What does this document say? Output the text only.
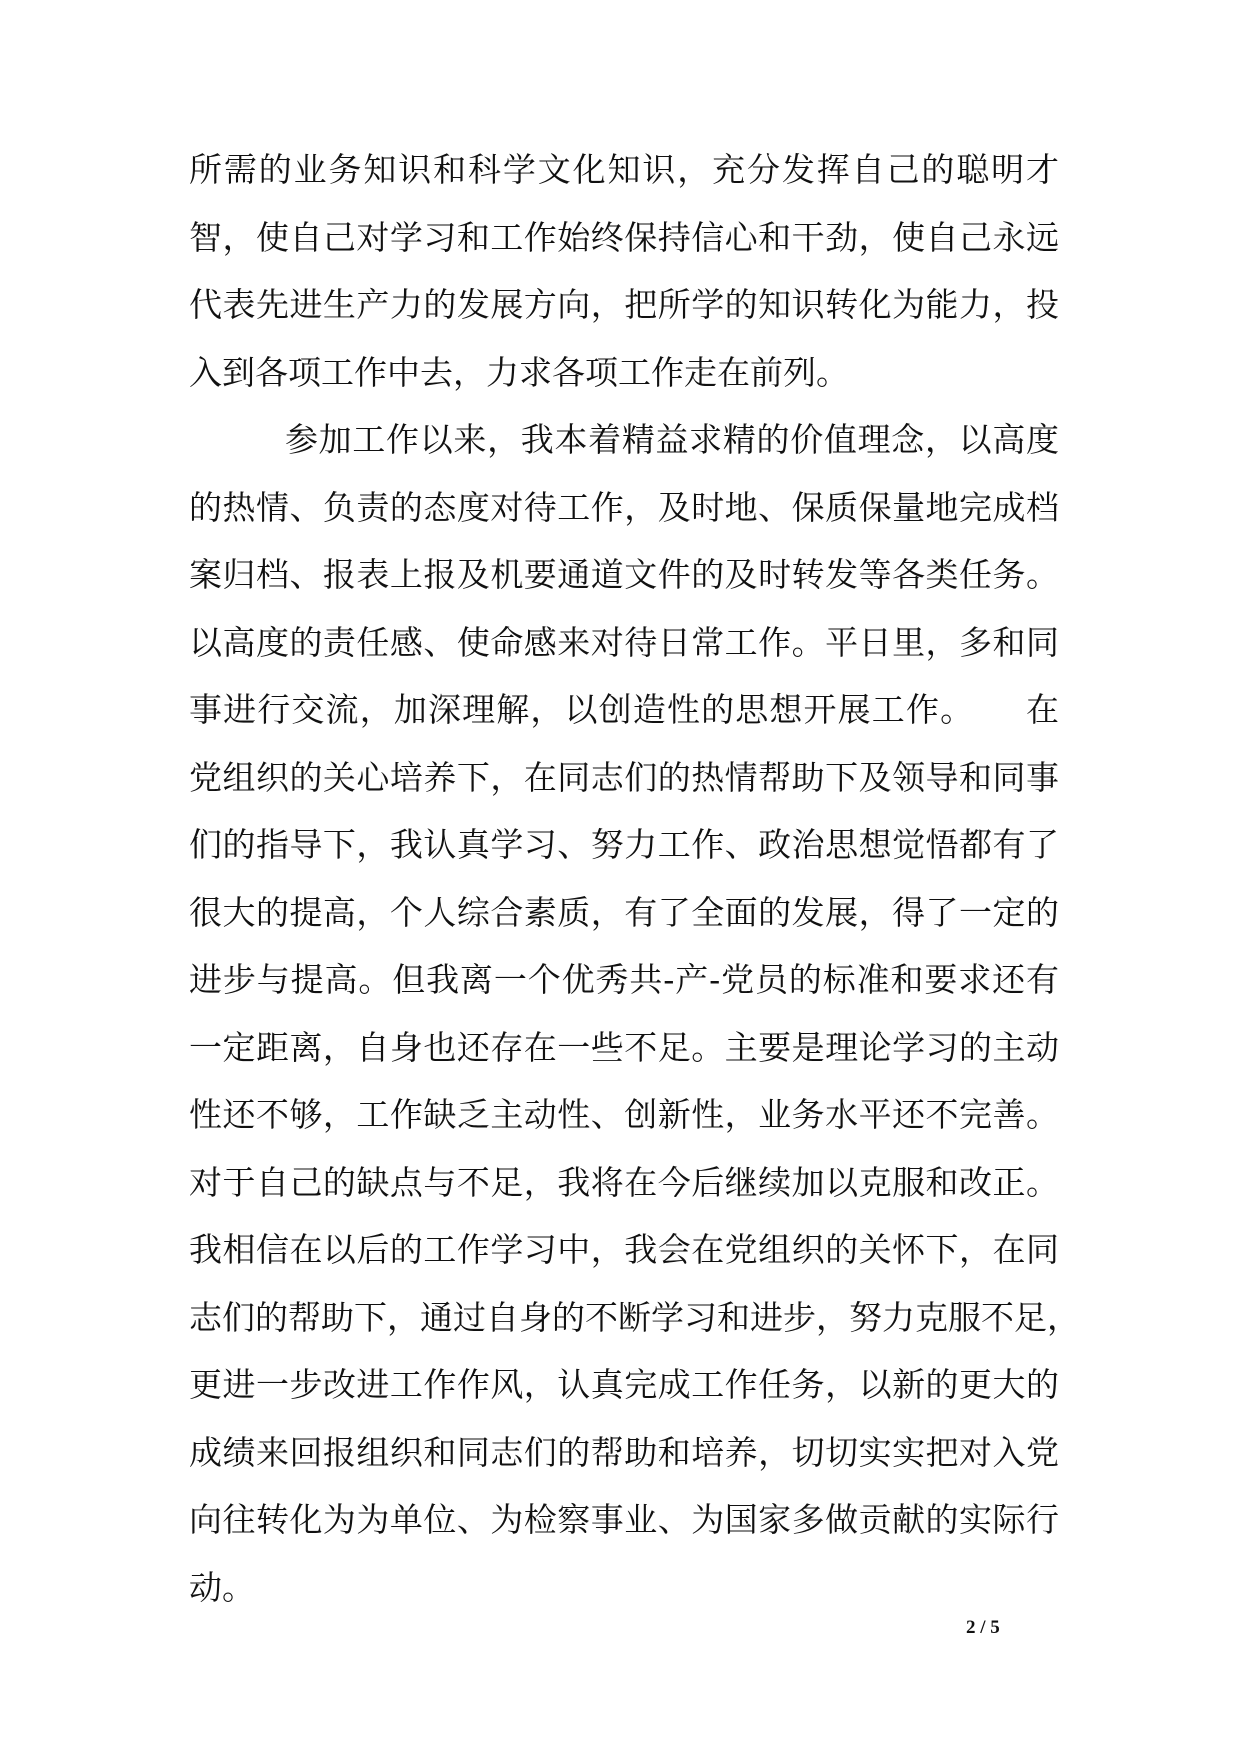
所需的业务知识和科学文化知识，充分发挥自己的聪明才
智，使自己对学习和工作始终保持信心和干劲，使自己永远
代表先进生产力的发展方向，把所学的知识转化为能力，投
入到各项工作中去，力求各项工作走在前列。
参加工作以来，我本着精益求精的价值理念，以高度
的热情、负责的态度对待工作，及时地、保质保量地完成档
案归档、报表上报及机要通道文件的及时转发等各类任务。
以高度的责任感、使命感来对待日常工作。平日里，多和同
事进行交流，加深理解，以创造性的思想开展工作。　　在
党组织的关心培养下，在同志们的热情帮助下及领导和同事
们的指导下，我认真学习、努力工作、政治思想觉悟都有了
很大的提高，个人综合素质，有了全面的发展，得了一定的
进步与提高。但我离一个优秀共-产-党员的标准和要求还有
一定距离，自身也还存在一些不足。主要是理论学习的主动
性还不够，工作缺乏主动性、创新性，业务水平还不完善。
对于自己的缺点与不足，我将在今后继续加以克服和改正。
我相信在以后的工作学习中，我会在党组织的关怀下，在同
志们的帮助下，通过自身的不断学习和进步，努力克服不足，
更进一步改进工作作风，认真完成工作任务，以新的更大的
成绩来回报组织和同志们的帮助和培养，切切实实把对入党
向往转化为为单位、为检察事业、为国家多做贡献的实际行
动。
2 / 5
